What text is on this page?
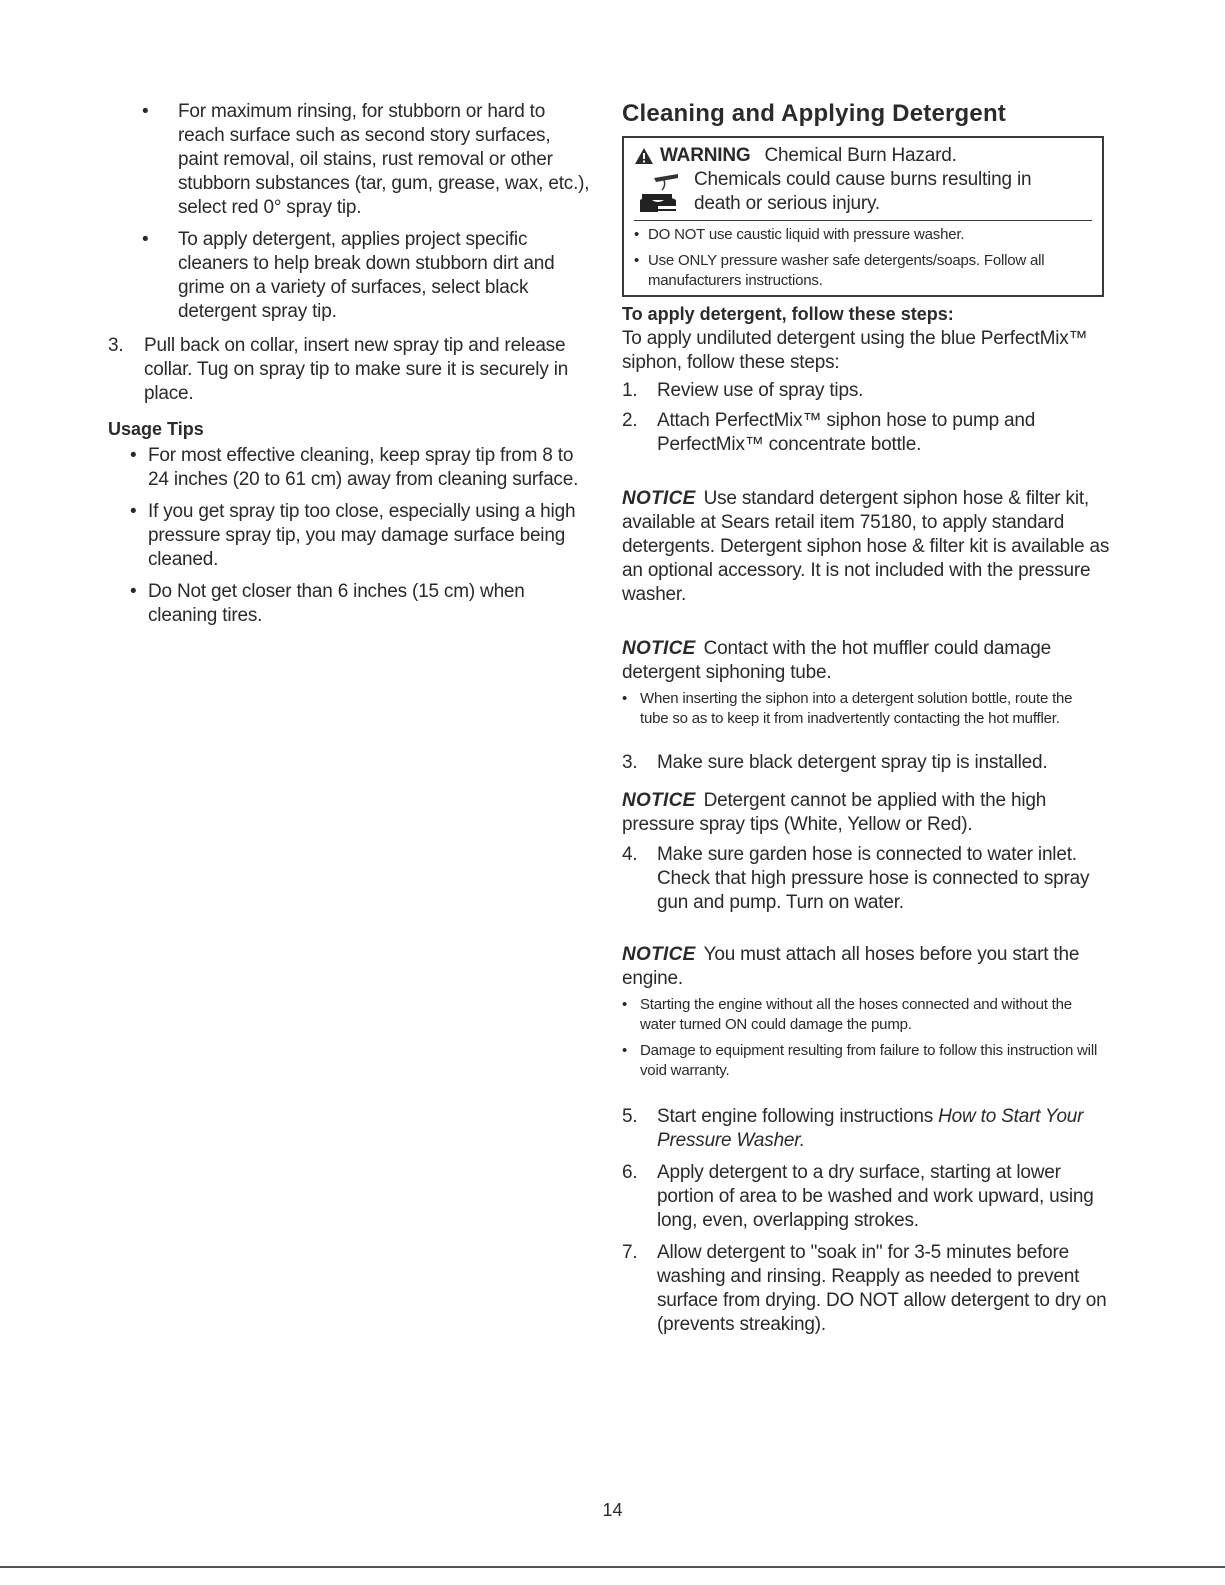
• For maximum rinsing, for stubborn or hard to reach surface such as second story surfaces, paint removal, oil stains, rust removal or other stubborn substances (tar, gum, grease, wax, etc.), select red 0° spray tip.
• To apply detergent, applies project specific cleaners to help break down stubborn dirt and grime on a variety of surfaces, select black detergent spray tip.
3. Pull back on collar, insert new spray tip and release collar. Tug on spray tip to make sure it is securely in place.
Usage Tips
• For most effective cleaning, keep spray tip from 8 to 24 inches (20 to 61 cm) away from cleaning surface.
• If you get spray tip too close, especially using a high pressure spray tip, you may damage surface being cleaned.
• Do Not get closer than 6 inches (15 cm) when cleaning tires.
Cleaning and Applying Detergent
WARNING Chemical Burn Hazard.
Chemicals could cause burns resulting in death or serious injury.
• DO NOT use caustic liquid with pressure washer.
• Use ONLY pressure washer safe detergents/soaps. Follow all manufacturers instructions.
To apply detergent, follow these steps:
To apply undiluted detergent using the blue PerfectMix™ siphon, follow these steps:
1. Review use of spray tips.
2. Attach PerfectMix™ siphon hose to pump and PerfectMix™ concentrate bottle.
NOTICE Use standard detergent siphon hose & filter kit, available at Sears retail item 75180, to apply standard detergents. Detergent siphon hose & filter kit is available as an optional accessory. It is not included with the pressure washer.
NOTICE Contact with the hot muffler could damage detergent siphoning tube.
• When inserting the siphon into a detergent solution bottle, route the tube so as to keep it from inadvertently contacting the hot muffler.
3. Make sure black detergent spray tip is installed.
NOTICE Detergent cannot be applied with the high pressure spray tips (White, Yellow or Red).
4. Make sure garden hose is connected to water inlet. Check that high pressure hose is connected to spray gun and pump. Turn on water.
NOTICE You must attach all hoses before you start the engine.
• Starting the engine without all the hoses connected and without the water turned ON could damage the pump.
• Damage to equipment resulting from failure to follow this instruction will void warranty.
5. Start engine following instructions How to Start Your Pressure Washer.
6. Apply detergent to a dry surface, starting at lower portion of area to be washed and work upward, using long, even, overlapping strokes.
7. Allow detergent to "soak in" for 3-5 minutes before washing and rinsing. Reapply as needed to prevent surface from drying. DO NOT allow detergent to dry on (prevents streaking).
14
